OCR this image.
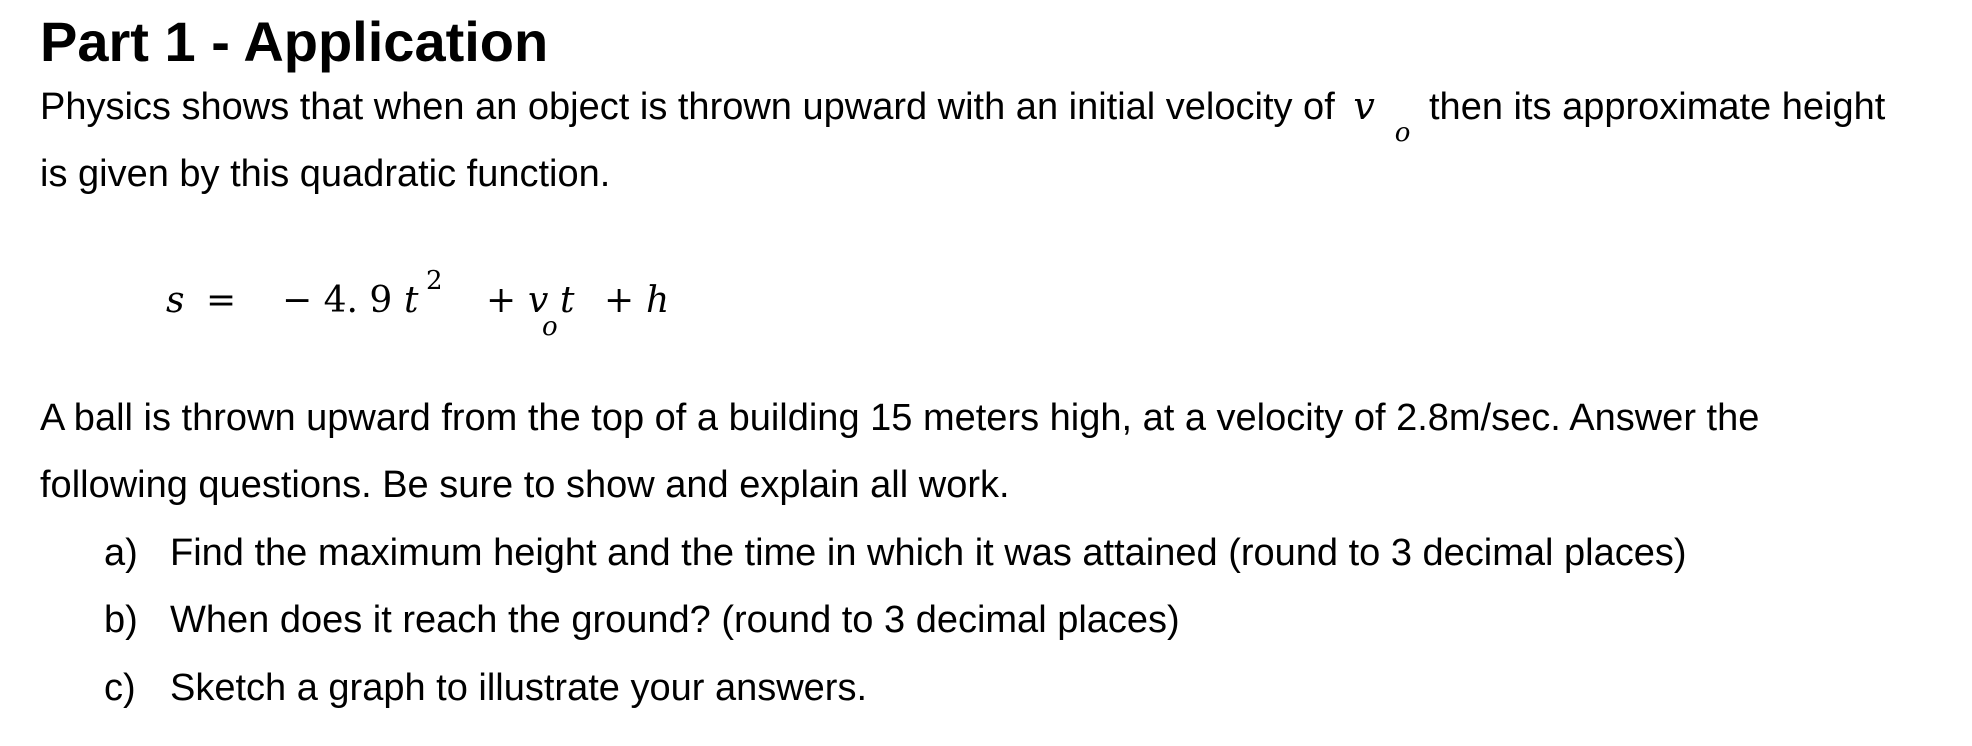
Part 1 - Application
Physics shows that when an object is thrown upward with an initial velocity of $v_o$ then its approximate height
is given by this quadratic function.
s = − 4. 9 t 2 + v
o
t + h
A ball is thrown upward from the top of a building 15 meters high, at a velocity of 2.8m/sec. Answer the
following questions. Be sure to show and explain all work.
a) Find the maximum height and the time in which it was attained (round to 3 decimal places)
b) When does it reach the ground? (round to 3 decimal places)
c) Sketch a graph to illustrate your answers.
